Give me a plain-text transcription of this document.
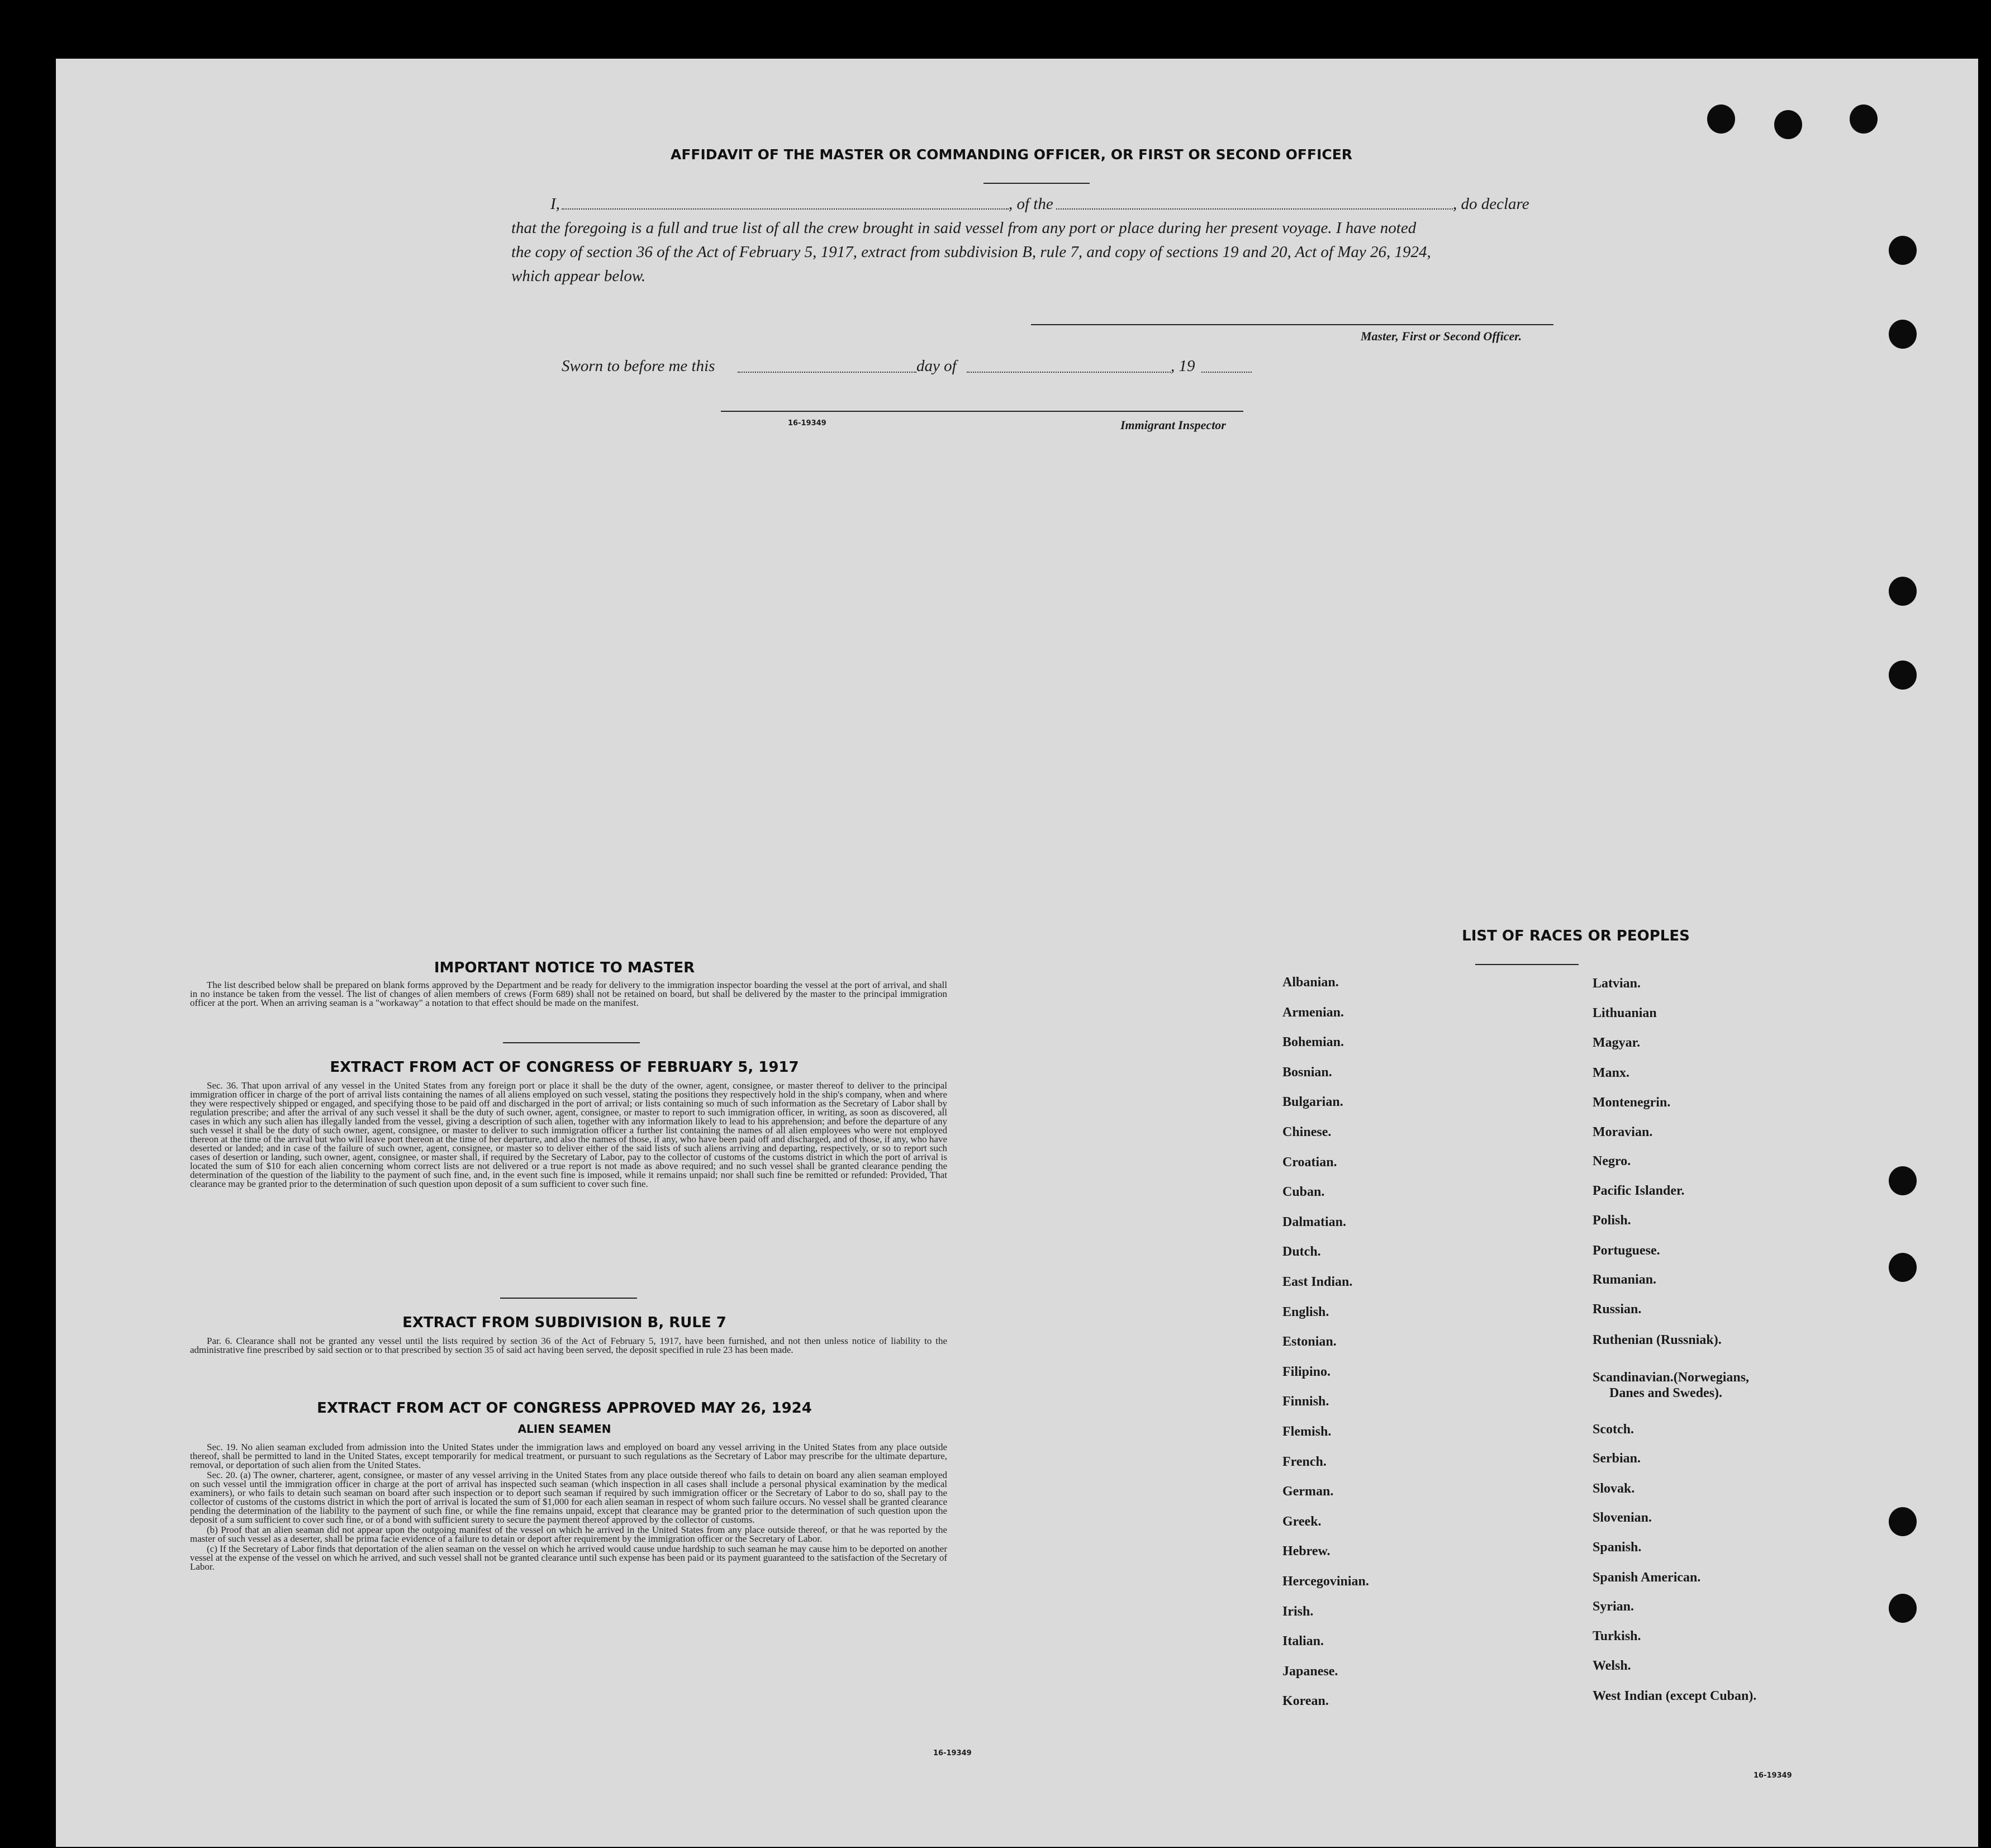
AFFIDAVIT OF THE MASTER OR COMMANDING OFFICER, OR FIRST OR SECOND OFFICER
I,	, of the	, do declare
that the foregoing is a full and true list of all the crew brought in said vessel from any port or place during her present voyage. I have noted
the copy of section 36 of the Act of February 5, 1917, extract from subdivision B, rule 7, and copy of sections 19 and 20, Act of May 26, 1924,
which appear below.
Master, First or Second Officer.
Sworn to before me this	day of	, 19
16-19349	Immigrant Inspector
IMPORTANT NOTICE TO MASTER

The list described below shall be prepared on blank forms approved by the Department and be ready for delivery to the immigration inspector boarding the vessel at the port of arrival, and shall in no instance be taken from the vessel. The list of changes of alien members of crews (Form 689) shall not be retained on board, but shall be delivered by the master to the principal immigration officer at the port. When an arriving seaman is a "workaway" a notation to that effect should be made on the manifest.

EXTRACT FROM ACT OF CONGRESS OF FEBRUARY 5, 1917

Sec. 36. That upon arrival of any vessel in the United States from any foreign port or place it shall be the duty of the owner, agent, consignee, or master thereof to deliver to the principal immigration officer in charge of the port of arrival lists containing the names of all aliens employed on such vessel, stating the positions they respectively hold in the ship's company, when and where they were respectively shipped or engaged, and specifying those to be paid off and discharged in the port of arrival; or lists containing so much of such information as the Secretary of Labor shall by regulation prescribe; and after the arrival of any such vessel it shall be the duty of such owner, agent, consignee, or master to report to such immigration officer, in writing, as soon as discovered, all cases in which any such alien has illegally landed from the vessel, giving a description of such alien, together with any information likely to lead to his apprehension; and before the departure of any such vessel it shall be the duty of such owner, agent, consignee, or master to deliver to such immigration officer a further list containing the names of all alien employees who were not employed thereon at the time of the arrival but who will leave port thereon at the time of her departure, and also the names of those, if any, who have been paid off and discharged, and of those, if any, who have deserted or landed; and in case of the failure of such owner, agent, consignee, or master so to deliver either of the said lists of such aliens arriving and departing, respectively, or so to report such cases of desertion or landing, such owner, agent, consignee, or master shall, if required by the Secretary of Labor, pay to the collector of customs of the customs district in which the port of arrival is located the sum of $10 for each alien concerning whom correct lists are not delivered or a true report is not made as above required; and no such vessel shall be granted clearance pending the determination of the question of the liability to the payment of such fine, and, in the event such fine is imposed, while it remains unpaid; nor shall such fine be remitted or refunded: Provided, That clearance may be granted prior to the determination of such question upon deposit of a sum sufficient to cover such fine.

EXTRACT FROM SUBDIVISION B, RULE 7

Par. 6. Clearance shall not be granted any vessel until the lists required by section 36 of the Act of February 5, 1917, have been furnished, and not then unless notice of liability to the administrative fine prescribed by said section or to that prescribed by section 35 of said act having been served, the deposit specified in rule 23 has been made.

EXTRACT FROM ACT OF CONGRESS APPROVED MAY 26, 1924
ALIEN SEAMEN

Sec. 19. No alien seaman excluded from admission into the United States under the immigration laws and employed on board any vessel arriving in the United States from any place outside thereof, shall be permitted to land in the United States, except temporarily for medical treatment, or pursuant to such regulations as the Secretary of Labor may prescribe for the ultimate departure, removal, or deportation of such alien from the United States.

Sec. 20. (a) The owner, charterer, agent, consignee, or master of any vessel arriving in the United States from any place outside thereof who fails to detain on board any alien seaman employed on such vessel until the immigration officer in charge at the port of arrival has inspected such seaman (which inspection in all cases shall include a personal physical examination by the medical examiners), or who fails to detain such seaman on board after such inspection or to deport such seaman if required by such immigration officer or the Secretary of Labor to do so, shall pay to the collector of customs of the customs district in which the port of arrival is located the sum of $1,000 for each alien seaman in respect of whom such failure occurs. No vessel shall be granted clearance pending the determination of the liability to the payment of such fine, or while the fine remains unpaid, except that clearance may be granted prior to the determination of such question upon the deposit of a sum sufficient to cover such fine, or of a bond with sufficient surety to secure the payment thereof approved by the collector of customs.

(b) Proof that an alien seaman did not appear upon the outgoing manifest of the vessel on which he arrived in the United States from any place outside thereof, or that he was reported by the master of such vessel as a deserter, shall be prima facie evidence of a failure to detain or deport after requirement by the immigration officer or the Secretary of Labor.

(c) If the Secretary of Labor finds that deportation of the alien seaman on the vessel on which he arrived would cause undue hardship to such seaman he may cause him to be deported on another vessel at the expense of the vessel on which he arrived, and such vessel shall not be granted clearance until such expense has been paid or its payment guaranteed to the satisfaction of the Secretary of Labor.

16-19349
LIST OF RACES OR PEOPLES
Albanian.
Armenian.
Bohemian.
Bosnian.
Bulgarian.
Chinese.
Croatian.
Cuban.
Dalmatian.
Dutch.
East Indian.
English.
Estonian.
Filipino.
Finnish.
Flemish.
French.
German.
Greek.
Hebrew.
Hercegovinian.
Irish.
Italian.
Japanese.
Korean.
Latvian.
Lithuanian
Magyar.
Manx.
Montenegrin.
Moravian.
Negro.
Pacific Islander.
Polish.
Portuguese.
Rumanian.
Russian.
Ruthenian (Russniak).
Scandinavian.(Norwegians,
Danes and Swedes).
Scotch.
Serbian.
Slovak.
Slovenian.
Spanish.
Spanish American.
Syrian.
Turkish.
Welsh.
West Indian (except Cuban).
16-19349
